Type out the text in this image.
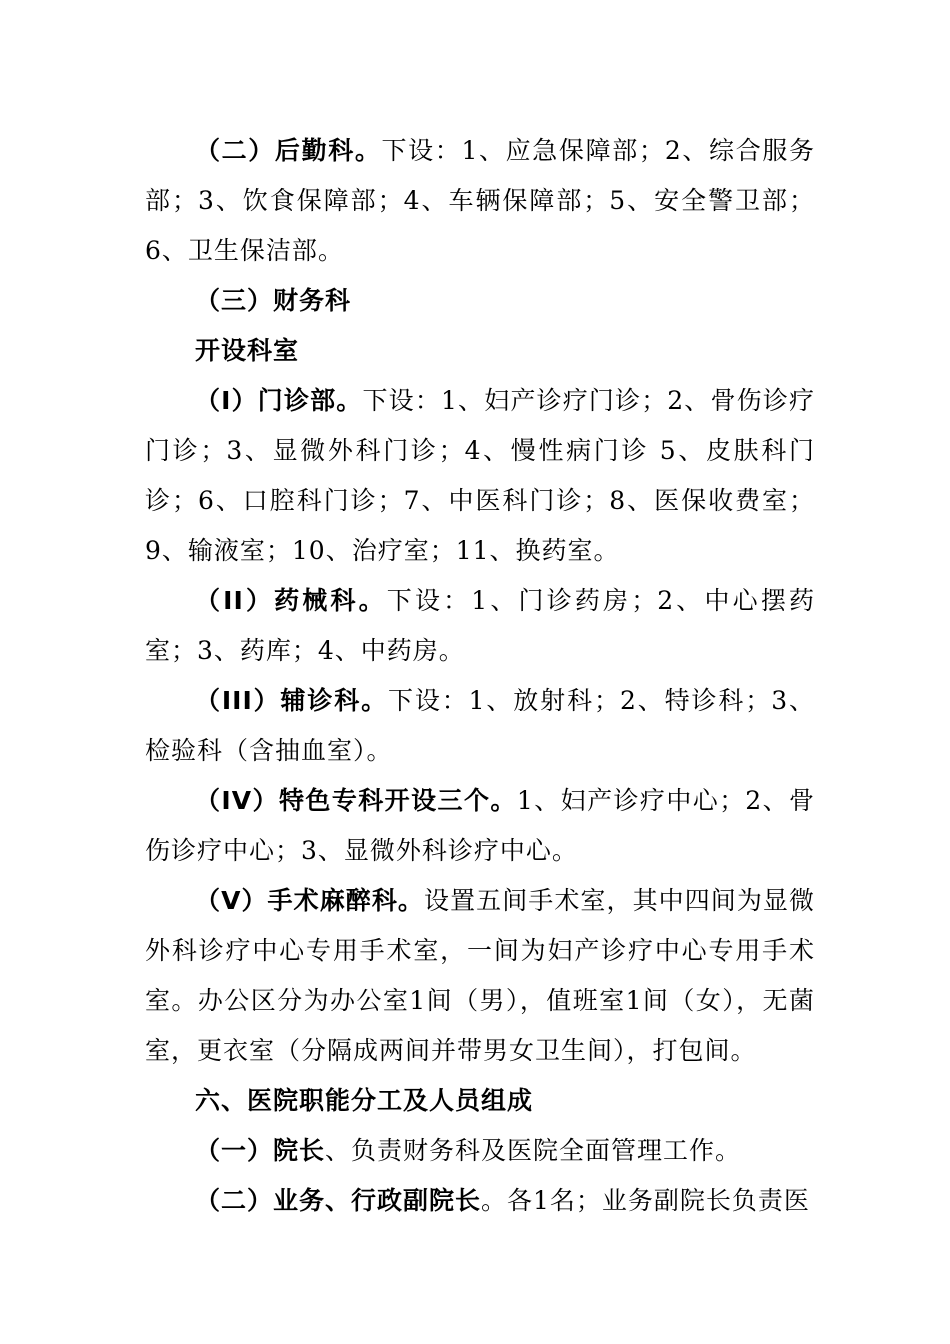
（二）后勤科。下设：1、应急保障部；2、综合服务部；3、饮食保障部；4、车辆保障部；5、安全警卫部；6、卫生保洁部。

（三）财务科

开设科室

（I）门诊部。下设：1、妇产诊疗门诊；2、骨伤诊疗门诊；3、显微外科门诊；4、慢性病门诊 5、皮肤科门诊；6、口腔科门诊；7、中医科门诊；8、医保收费室；9、输液室；10、治疗室；11、换药室。

（II）药械科。下设：1、门诊药房；2、中心摆药室；3、药库；4、中药房。

（III）辅诊科。下设：1、放射科；2、特诊科；3、检验科（含抽血室）。

（IV）特色专科开设三个。1、妇产诊疗中心；2、骨伤诊疗中心；3、显微外科诊疗中心。

（V）手术麻醉科。设置五间手术室，其中四间为显微外科诊疗中心专用手术室，一间为妇产诊疗中心专用手术室。办公区分为办公室1间（男），值班室1间（女），无菌室，更衣室（分隔成两间并带男女卫生间），打包间。

六、医院职能分工及人员组成

（一）院长、负责财务科及医院全面管理工作。

（二）业务、行政副院长。各1名；业务副院长负责医
